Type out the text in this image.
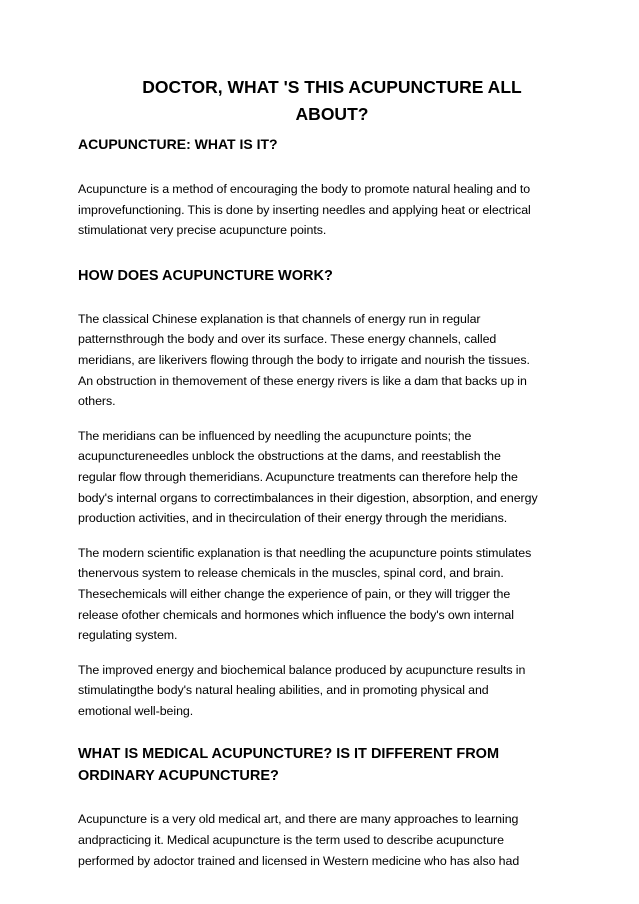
DOCTOR, WHAT 'S THIS ACUPUNCTURE ALL
ABOUT?
ACUPUNCTURE: WHAT IS IT?

Acupuncture is a method of encouraging the body to promote natural healing and to
improvefunctioning. This is done by inserting needles and applying heat or electrical
stimulationat very precise acupuncture points.

HOW DOES ACUPUNCTURE WORK?

The classical Chinese explanation is that channels of energy run in regular
patternsthrough the body and over its surface. These energy channels, called
meridians, are likerivers flowing through the body to irrigate and nourish the tissues.
An obstruction in themovement of these energy rivers is like a dam that backs up in
others.

The meridians can be influenced by needling the acupuncture points; the
acupunctureneedles unblock the obstructions at the dams, and reestablish the
regular flow through themeridians. Acupuncture treatments can therefore help the
body's internal organs to correctimbalances in their digestion, absorption, and energy
production activities, and in thecirculation of their energy through the meridians.

The modern scientific explanation is that needling the acupuncture points stimulates
thenervous system to release chemicals in the muscles, spinal cord, and brain.
Thesechemicals will either change the experience of pain, or they will trigger the
release ofother chemicals and hormones which influence the body's own internal
regulating system.

The improved energy and biochemical balance produced by acupuncture results in
stimulatingthe body's natural healing abilities, and in promoting physical and
emotional well-being.

WHAT IS MEDICAL ACUPUNCTURE? IS IT DIFFERENT FROM
ORDINARY ACUPUNCTURE?

Acupuncture is a very old medical art, and there are many approaches to learning
andpracticing it. Medical acupuncture is the term used to describe acupuncture
performed by adoctor trained and licensed in Western medicine who has also had
